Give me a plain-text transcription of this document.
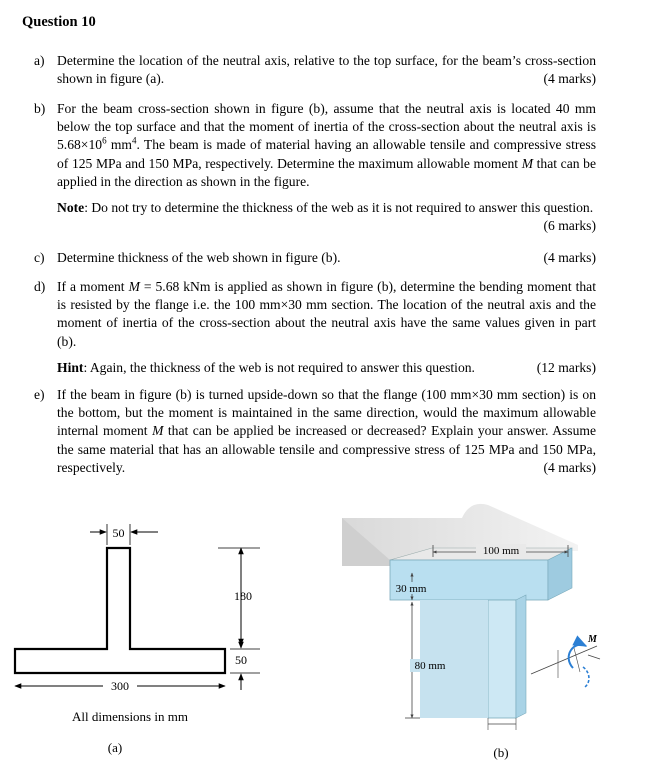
Question 10
a) Determine the location of the neutral axis, relative to the top surface, for the beam’s cross-section shown in figure (a).	(4 marks)
b) For the beam cross-section shown in figure (b), assume that the neutral axis is located 40 mm below the top surface and that the moment of inertia of the cross-section about the neutral axis is $5.68\times 10^6$ $mm^4$. The beam is made of material having an allowable tensile and compressive stress of 125 MPa and 150 MPa, respectively. Determine the maximum allowable moment M that can be applied in the direction as shown in the figure.
Note: Do not try to determine the thickness of the web as it is not required to answer this question.
(6 marks)
c) Determine thickness of the web shown in figure (b).	(4 marks)
d) If a moment M = 5.68 kNm is applied as shown in figure (b), determine the bending moment that is resisted by the flange i.e. the 100 mm×30 mm section. The location of the neutral axis and the moment of inertia of the cross-section about the neutral axis have the same values given in part (b).
Hint: Again, the thickness of the web is not required to answer this question.	(12 marks)
e) If the beam in figure (b) is turned upside-down so that the flange (100 mm×30 mm section) is on the bottom, but the moment is maintained in the same direction, would the maximum allowable internal moment M that can be applied be increased or decreased? Explain your answer. Assume the same material that has an allowable tensile and compressive stress of 125 MPa and 150 MPa, respectively.	(4 marks)
50
180
50
300
All dimensions in mm
(a)
100 mm
30 mm
80 mm
M
(b)
